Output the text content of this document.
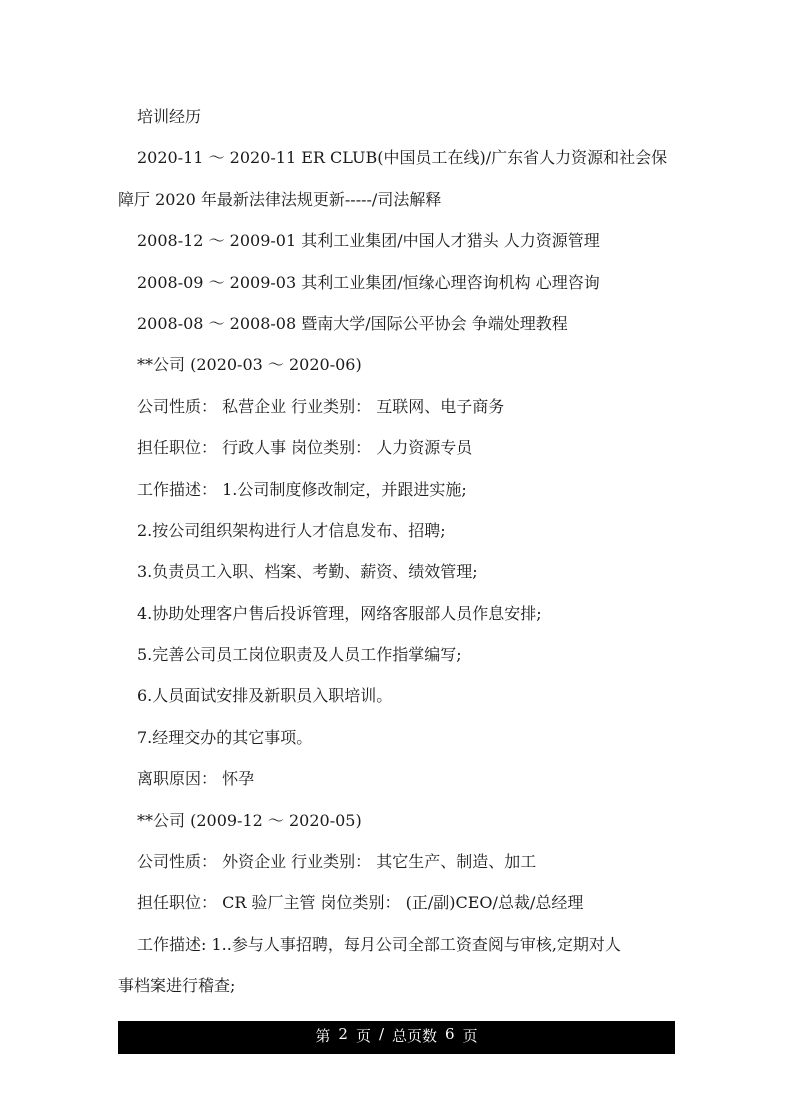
培训经历
2020-11 ～ 2020-11 ER CLUB(中国员工在线)/广东省人力资源和社会保
障厅 2020 年最新法律法规更新-----/司法解释
2008-12 ～ 2009-01 其利工业集团/中国人才猎头 人力资源管理
2008-09 ～ 2009-03 其利工业集团/恒缘心理咨询机构 心理咨询
2008-08 ～ 2008-08 暨南大学/国际公平协会 争端处理教程
**公司 (2020-03 ～ 2020-06)
公司性质： 私营企业 行业类别： 互联网、电子商务
担任职位： 行政人事 岗位类别： 人力资源专员
工作描述： 1.公司制度修改制定，并跟进实施;
2.按公司组织架构进行人才信息发布、招聘;
3.负责员工入职、档案、考勤、薪资、绩效管理;
4.协助处理客户售后投诉管理，网络客服部人员作息安排;
5.完善公司员工岗位职责及人员工作指掌编写;
6.人员面试安排及新职员入职培训。
7.经理交办的其它事项。
离职原因： 怀孕
**公司 (2009-12 ～ 2020-05)
公司性质： 外资企业 行业类别： 其它生产、制造、加工
担任职位： CR 验厂主管 岗位类别： (正/副)CEO/总裁/总经理
工作描述: 1..参与人事招聘，每月公司全部工资查阅与审核,定期对人
事档案进行稽查;
第 2 页 / 总页数 6 页
